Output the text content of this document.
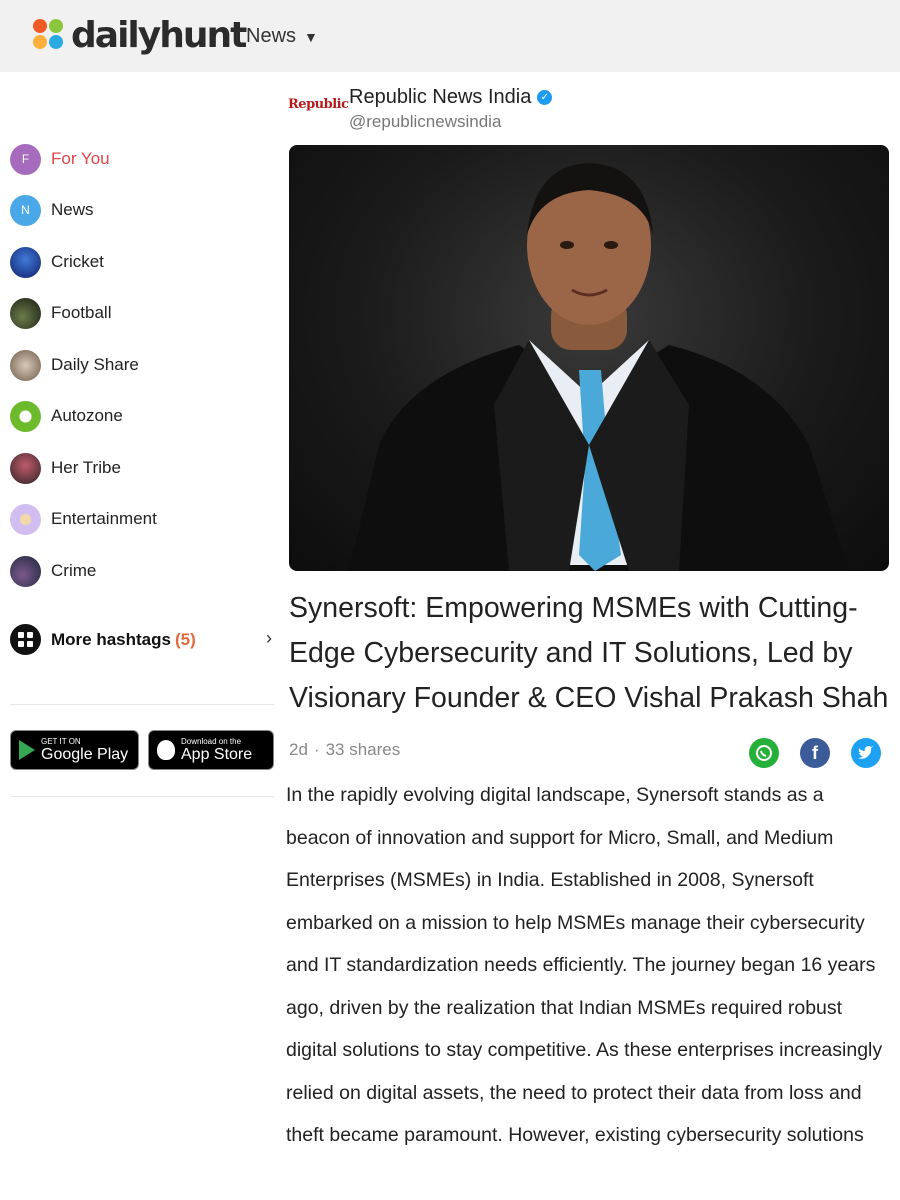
dailyhunt News ▼
F For You
N News
Cricket
Football
Daily Share
Autozone
Her Tribe
Entertainment
Crime
More hashtags (5)	›
GET IT ON
Google Play
Download on the
App Store
Republic Republic News India ✓
@republicnewsindia
Synersoft: Empowering MSMEs with Cutting-Edge Cybersecurity and IT Solutions, Led by Visionary Founder & CEO Vishal Prakash Shah
2d · 33 shares	f
In the rapidly evolving digital landscape, Synersoft stands as a beacon of innovation and support for Micro, Small, and Medium Enterprises (MSMEs) in India. Established in 2008, Synersoft embarked on a mission to help MSMEs manage their cybersecurity and IT standardization needs efficiently. The journey began 16 years ago, driven by the realization that Indian MSMEs required robust digital solutions to stay competitive. As these enterprises increasingly relied on digital assets, the need to protect their data from loss and theft became paramount. However, existing cybersecurity solutions
